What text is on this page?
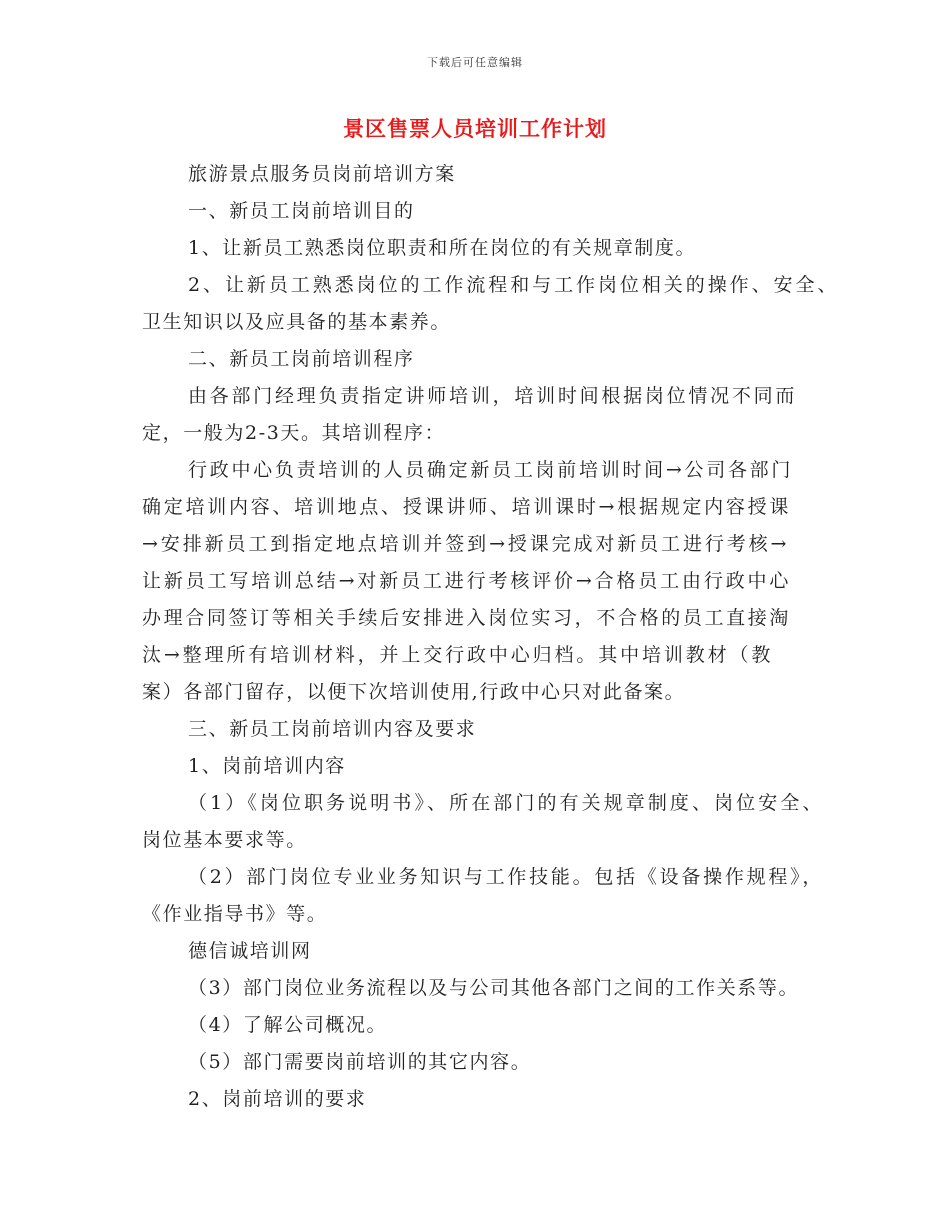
下载后可任意编辑
景区售票人员培训工作计划
旅游景点服务员岗前培训方案
一、新员工岗前培训目的
1、让新员工熟悉岗位职责和所在岗位的有关规章制度。
2、让新员工熟悉岗位的工作流程和与工作岗位相关的操作、安全、
卫生知识以及应具备的基本素养。
二、新员工岗前培训程序
由各部门经理负责指定讲师培训，培训时间根据岗位情况不同而
定，一般为2-3天。其培训程序：
行政中心负责培训的人员确定新员工岗前培训时间→公司各部门
确定培训内容、培训地点、授课讲师、培训课时→根据规定内容授课
→安排新员工到指定地点培训并签到→授课完成对新员工进行考核→
让新员工写培训总结→对新员工进行考核评价→合格员工由行政中心
办理合同签订等相关手续后安排进入岗位实习，不合格的员工直接淘
汰→整理所有培训材料，并上交行政中心归档。其中培训教材（教
案）各部门留存，以便下次培训使用,行政中心只对此备案。
三、新员工岗前培训内容及要求
1、岗前培训内容
（1）《岗位职务说明书》、所在部门的有关规章制度、岗位安全、
岗位基本要求等。
（2）部门岗位专业业务知识与工作技能。包括《设备操作规程》，
《作业指导书》等。
德信诚培训网
（3）部门岗位业务流程以及与公司其他各部门之间的工作关系等。
（4）了解公司概况。
（5）部门需要岗前培训的其它内容。
2、岗前培训的要求
